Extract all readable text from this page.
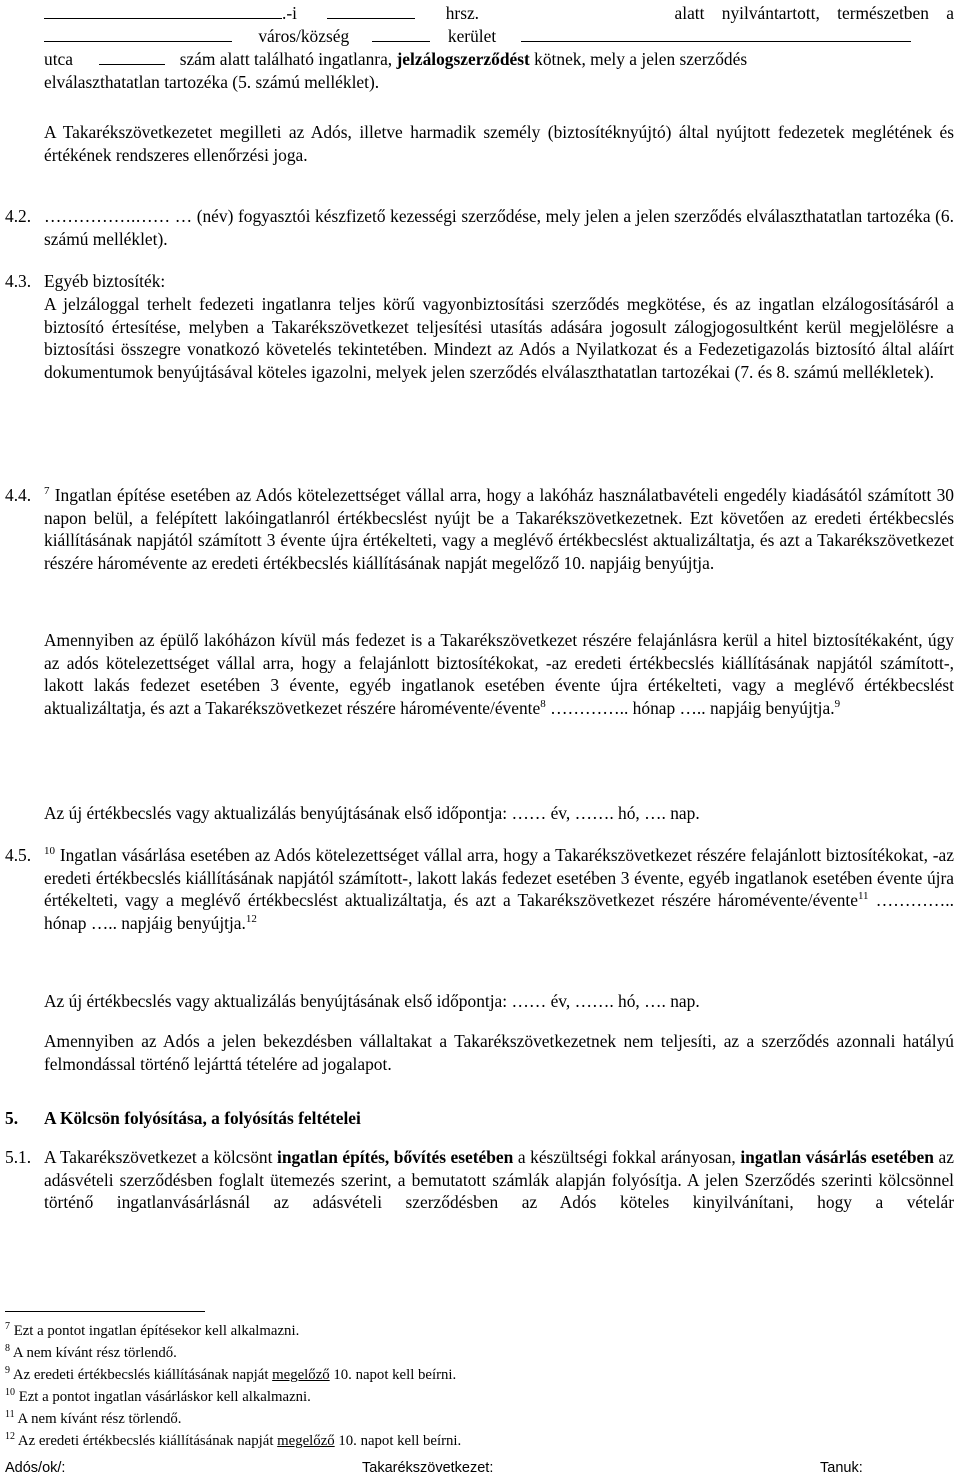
.-i	hrsz.	alatt nyilvántartott, természetben a
város/község	kerület
utca	szám alatt található ingatlanra, jelzálogszerződést kötnek, mely a jelen szerződés
elválaszthatatlan tartozéka (5. számú melléklet).

A Takarékszövetkezetet megilleti az Adós, illetve harmadik személy (biztosítéknyújtó) által nyújtott fedezetek meglétének és értékének rendszeres ellenőrzési joga.

4.2. …………….…… … (név) fogyasztói készfizető kezességi szerződése, mely jelen a jelen szerződés elválaszthatatlan tartozéka (6. számú melléklet).

4.3. Egyéb biztosíték:

A jelzáloggal terhelt fedezeti ingatlanra teljes körű vagyonbiztosítási szerződés megkötése, és az ingatlan elzálogosításáról a biztosító értesítése, melyben a Takarékszövetkezet teljesítési utasítás adására jogosult zálogjogosultként kerül megjelölésre a biztosítási összegre vonatkozó követelés tekintetében. Mindezt az Adós a Nyilatkozat és a Fedezetigazolás biztosító által aláírt dokumentumok benyújtásával köteles igazolni, melyek jelen szerződés elválaszthatatlan tartozékai (7. és 8. számú mellékletek).

4.4. $^7$ Ingatlan építése esetében az Adós kötelezettséget vállal arra, hogy a lakóház használatbavételi engedély kiadásától számított 30 napon belül, a felépített lakóingatlanról értékbecslést nyújt be a Takarékszövetkezetnek. Ezt követően az eredeti értékbecslés kiállításának napjától számított 3 évente újra értékelteti, vagy a meglévő értékbecslést aktualizáltatja, és azt a Takarékszövetkezet részére háromévente az eredeti értékbecslés kiállításának napját megelőző 10. napjáig benyújtja.

Amennyiben az épülő lakóházon kívül más fedezet is a Takarékszövetkezet részére felajánlásra kerül a hitel biztosítékaként, úgy az adós kötelezettséget vállal arra, hogy a felajánlott biztosítékokat, -az eredeti értékbecslés kiállításának napjától számított-, lakott lakás fedezet esetében 3 évente, egyéb ingatlanok esetében évente újra értékelteti, vagy a meglévő értékbecslést aktualizáltatja, és azt a Takarékszövetkezet részére háromévente/évente$^8$ ………….. hónap ….. napjáig benyújtja.$^9$

Az új értékbecslés vagy aktualizálás benyújtásának első időpontja: …… év, ……. hó, …. nap.
4.5. $^{10}$ Ingatlan vásárlása esetében az Adós kötelezettséget vállal arra, hogy a Takarékszövetkezet részére felajánlott biztosítékokat, -az eredeti értékbecslés kiállításának napjától számított-, lakott lakás fedezet esetében 3 évente, egyéb ingatlanok esetében évente újra értékelteti, vagy a meglévő értékbecslést aktualizáltatja, és azt a Takarékszövetkezet részére háromévente/évente$^{11}$ ………….. hónap ….. napjáig benyújtja.$^{12}$

Az új értékbecslés vagy aktualizálás benyújtásának első időpontja: …… év, ……. hó, …. nap.

Amennyiben az Adós a jelen bekezdésben vállaltakat a Takarékszövetkezetnek nem teljesíti, az a szerződés azonnali hatályú felmondással történő lejárttá tételére ad jogalapot.

5. A Kölcsön folyósítása, a folyósítás feltételei
5.1. A Takarékszövetkezet a kölcsönt ingatlan építés, bővítés esetében a készültségi fokkal arányosan, ingatlan vásárlás esetében az adásvételi szerződésben foglalt ütemezés szerint, a bemutatott számlák alapján folyósítja. A jelen Szerződés szerinti kölcsönnel történő ingatlanvásárlásnál az adásvételi szerződésben az Adós köteles kinyilvánítani, hogy a vételár

$^7$ Ezt a pontot ingatlan építésekor kell alkalmazni.
$^8$ A nem kívánt rész törlendő.
$^9$ Az eredeti értékbecslés kiállításának napját megelőző 10. napot kell beírni.
$^{10}$ Ezt a pontot ingatlan vásárláskor kell alkalmazni.
$^{11}$ A nem kívánt rész törlendő.
$^{12}$ Az eredeti értékbecslés kiállításának napját megelőző 10. napot kell beírni.
Adós/ok/:	Takarékszövetkezet:	Tanuk:
